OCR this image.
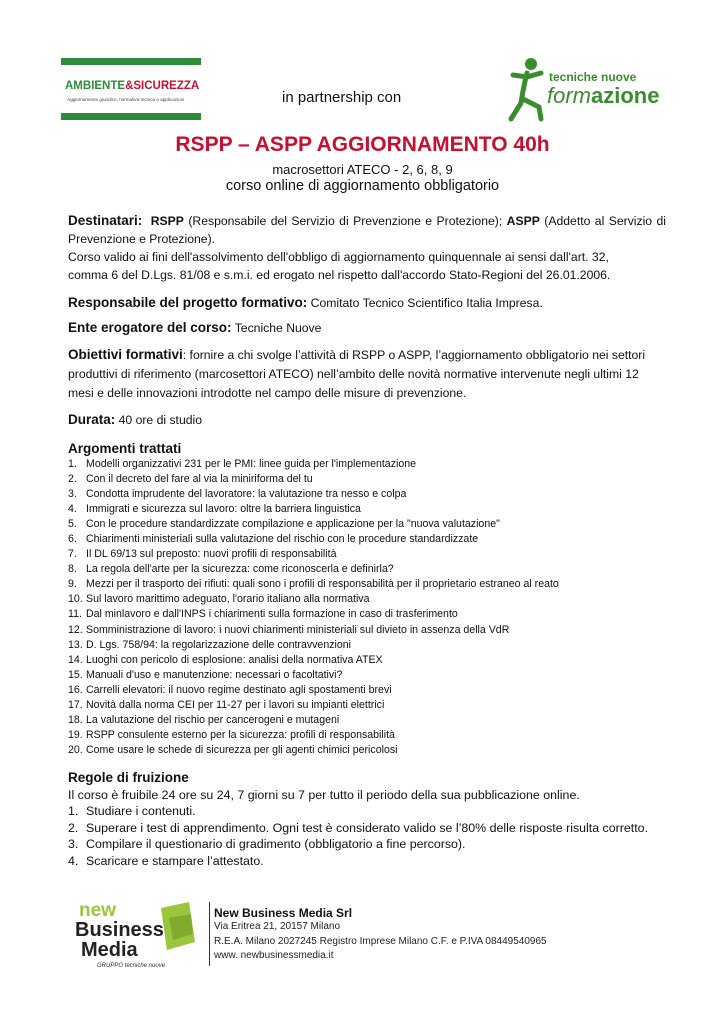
AMBIENTE&SICUREZZA
Aggiornamento giuridico, normativa tecnica e applicazioni	in partnership con
tecniche nuove
formazione
RSPP – ASPP AGGIORNAMENTO 40h
macrosettori ATECO - 2, 6, 8, 9
corso online di aggiornamento obbligatorio
Destinatari: RSPP (Responsabile del Servizio di Prevenzione e Protezione); ASPP (Addetto al Servizio di Prevenzione e Protezione).

Corso valido ai fini dell'assolvimento dell'obbligo di aggiornamento quinquennale ai sensi dall'art. 32, comma 6 del D.Lgs. 81/08 e s.m.i. ed erogato nel rispetto dall'accordo Stato-Regioni del 26.01.2006.
Responsabile del progetto formativo: Comitato Tecnico Scientifico Italia Impresa.
Ente erogatore del corso: Tecniche Nuove
Obiettivi formativi: fornire a chi svolge l’attività di RSPP o ASPP, l’aggiornamento obbligatorio nei settori produttivi di riferimento (marcosettori ATECO) nell’ambito delle novità normative intervenute negli ultimi 12 mesi e delle innovazioni introdotte nel campo delle misure di prevenzione.
Durata: 40 ore di studio
Argomenti trattati
1. Modelli organizzativi 231 per le PMI: linee guida per l'implementazione
2. Con il decreto del fare al via la miniriforma del tu
3. Condotta imprudente del lavoratore: la valutazione tra nesso e colpa
4. Immigrati e sicurezza sul lavoro: oltre la barriera linguistica
5. Con le procedure standardizzate compilazione e applicazione per la "nuova valutazione"
6. Chiarimenti ministeriali sulla valutazione del rischio con le procedure standardizzate
7. Il DL 69/13 sul preposto: nuovi profili di responsabilità
8. La regola dell'arte per la sicurezza: come riconoscerla e definirla?
9. Mezzi per il trasporto dei rifiuti: quali sono i profili di responsabilità per il proprietario estraneo al reato
10. Sul lavoro marittimo adeguato, l'orario italiano alla normativa
11. Dal minlavoro e dall'INPS i chiarimenti sulla formazione in caso di trasferimento
12. Somministrazione di lavoro: i nuovi chiarimenti ministeriali sul divieto in assenza della VdR
13. D. Lgs. 758/94: la regolarizzazione delle contravvenzioni
14. Luoghi con pericolo di esplosione: analisi della normativa ATEX
15. Manuali d'uso e manutenzione: necessari o facoltativi?
16. Carrelli elevatori: il nuovo regime destinato agli spostamenti brevi
17. Novità dalla norma CEI per 11-27 per i lavori su impianti elettrici
18. La valutazione del rischio per cancerogeni e mutageni
19. RSPP consulente esterno per la sicurezza: profili di responsabilità
20. Come usare le schede di sicurezza per gli agenti chimici pericolosi
Regole di fruizione
Il corso è fruibile 24 ore su 24, 7 giorni su 7 per tutto il periodo della sua pubblicazione online.
1. Studiare i contenuti.
2. Superare i test di apprendimento. Ogni test è considerato valido se l’80% delle risposte risulta corretto.
3. Compilare il questionario di gradimento (obbligatorio a fine percorso).
4. Scaricare e stampare l’attestato.
new
Business
Media
GRUPPO tecniche nuove
New Business Media Srl
Via Eritrea 21, 20157 Milano
R.E.A. Milano 2027245 Registro Imprese Milano C.F. e P.IVA 08449540965
www. newbusinessmedia.it
